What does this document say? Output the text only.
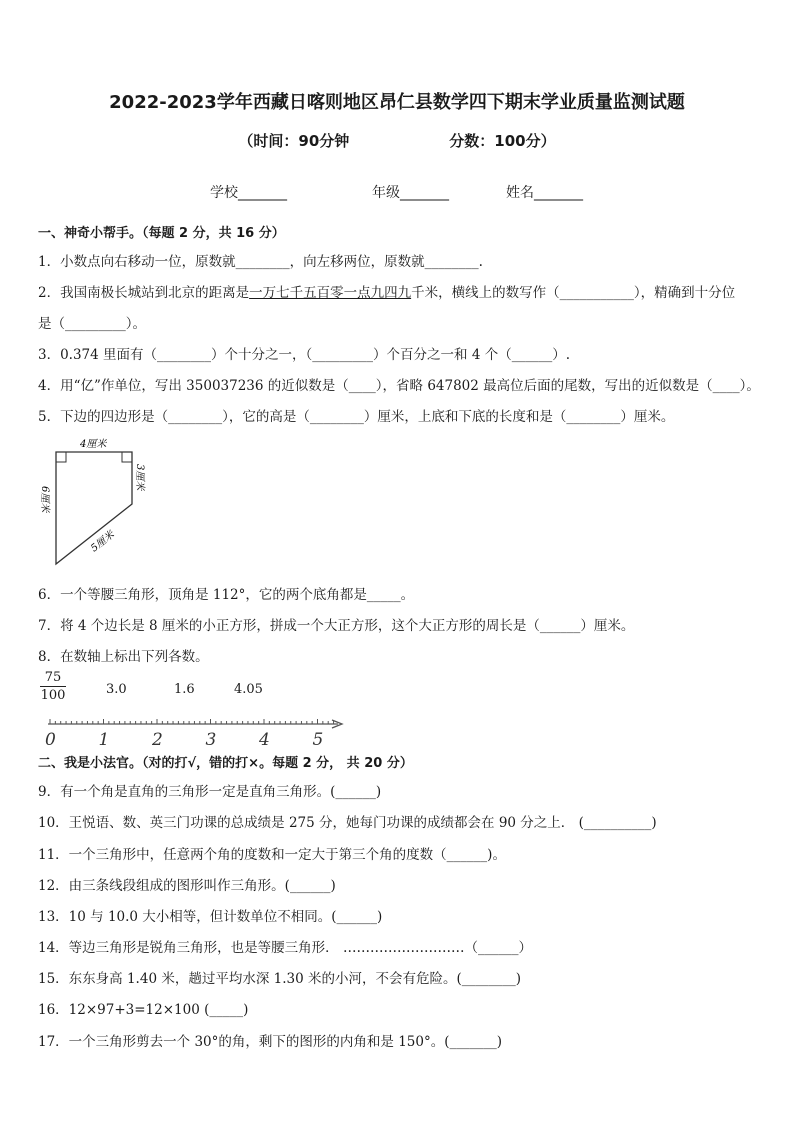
2022-2023学年西藏日喀则地区昂仁县数学四下期末学业质量监测试题
（时间：90分钟	分数：100分）
学校_______	年级_______	姓名_______
一、神奇小帮手。（每题 2 分，共 16 分）
1．小数点向右移动一位，原数就________，向左移两位，原数就________.
2．我国南极长城站到北京的距离是一万七千五百零一点九四九千米，横线上的数写作（___________），精确到十分位
是（_________）。
3．0.374 里面有（________）个十分之一，（_________）个百分之一和 4 个（______）.
4．用“亿”作单位，写出 350037236 的近似数是（____），省略 647802 最高位后面的尾数，写出的近似数是（____）。
5．下边的四边形是（________），它的高是（________）厘米，上底和下底的长度和是（________）厘米。
4厘米
3厘米
6厘米
5厘米
6．一个等腰三角形，顶角是 112°，它的两个底角都是_____。
7．将 4 个边长是 8 厘米的小正方形，拼成一个大正方形，这个大正方形的周长是（______）厘米。
8．在数轴上标出下列各数。
$\frac{75}{100}$	3.0	1.6	4.05
0	1	2	3	4	5
二、我是小法官。（对的打√，错的打×。每题 2 分， 共 20 分）
9．有一个角是直角的三角形一定是直角三角形。(______)
10．王悦语、数、英三门功课的总成绩是 275 分，她每门功课的成绩都会在 90 分之上． (__________)
11．一个三角形中，任意两个角的度数和一定大于第三个角的度数（______)。
12．由三条线段组成的图形叫作三角形。(______)
13．10 与 10.0 大小相等，但计数单位不相同。(______)
14．等边三角形是锐角三角形，也是等腰三角形． ………………………（______）
15．东东身高 1.40 米，趟过平均水深 1.30 米的小河，不会有危险。(________)
16．12×97+3=12×100 (_____)
17．一个三角形剪去一个 30°的角，剩下的图形的内角和是 150°。(_______)
